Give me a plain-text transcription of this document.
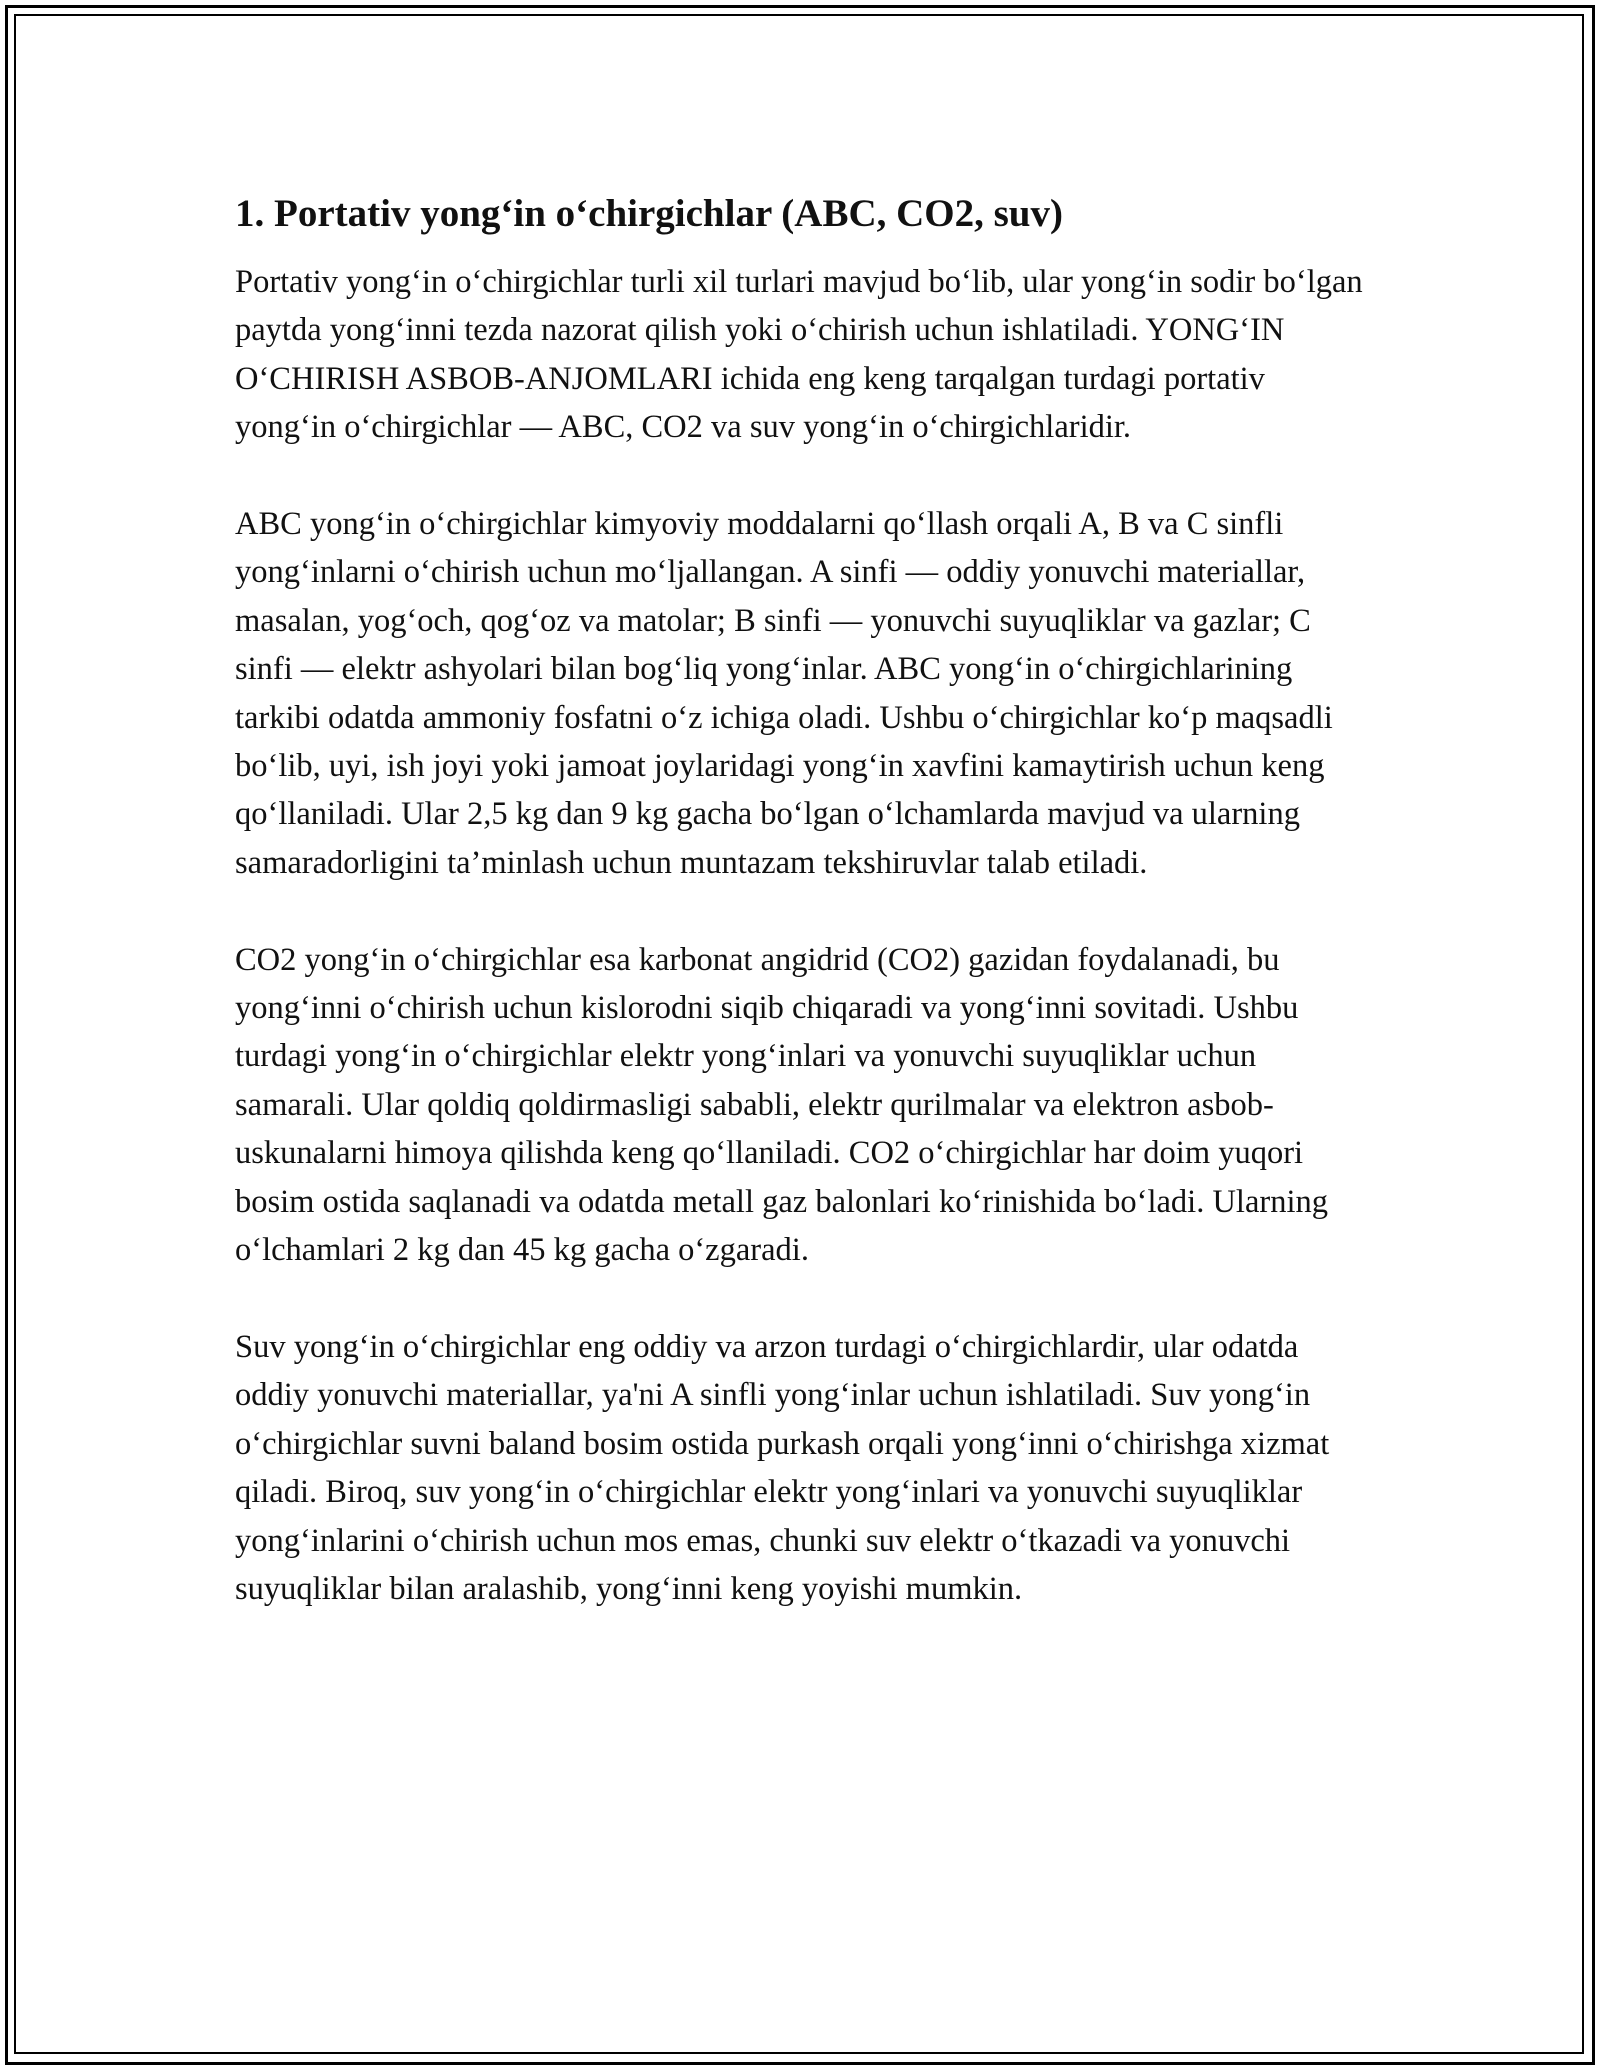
1. Portativ yong‘in o‘chirgichlar (ABC, CO2, suv)

Portativ yong‘in o‘chirgichlar turli xil turlari mavjud bo‘lib, ular yong‘in sodir bo‘lgan paytda yong‘inni tezda nazorat qilish yoki o‘chirish uchun ishlatiladi. YONG‘IN O‘CHIRISH ASBOB-ANJOMLARI ichida eng keng tarqalgan turdagi portativ yong‘in o‘chirgichlar — ABC, CO2 va suv yong‘in o‘chirgichlaridir.

ABC yong‘in o‘chirgichlar kimyoviy moddalarni qo‘llash orqali A, B va C sinfli yong‘inlarni o‘chirish uchun mo‘ljallangan. A sinfi — oddiy yonuvchi materiallar, masalan, yog‘och, qog‘oz va matolar; B sinfi — yonuvchi suyuqliklar va gazlar; C sinfi — elektr ashyolari bilan bog‘liq yong‘inlar. ABC yong‘in o‘chirgichlarining tarkibi odatda ammoniy fosfatni o‘z ichiga oladi. Ushbu o‘chirgichlar ko‘p maqsadli bo‘lib, uyi, ish joyi yoki jamoat joylaridagi yong‘in xavfini kamaytirish uchun keng qo‘llaniladi. Ular 2,5 kg dan 9 kg gacha bo‘lgan o‘lchamlarda mavjud va ularning samaradorligini ta’minlash uchun muntazam tekshiruvlar talab etiladi.

CO2 yong‘in o‘chirgichlar esa karbonat angidrid (CO2) gazidan foydalanadi, bu yong‘inni o‘chirish uchun kislorodni siqib chiqaradi va yong‘inni sovitadi. Ushbu turdagi yong‘in o‘chirgichlar elektr yong‘inlari va yonuvchi suyuqliklar uchun samarali. Ular qoldiq qoldirmasligi sababli, elektr qurilmalar va elektron asbob-uskunalarni himoya qilishda keng qo‘llaniladi. CO2 o‘chirgichlar har doim yuqori bosim ostida saqlanadi va odatda metall gaz balonlari ko‘rinishida bo‘ladi. Ularning o‘lchamlari 2 kg dan 45 kg gacha o‘zgaradi.

Suv yong‘in o‘chirgichlar eng oddiy va arzon turdagi o‘chirgichlardir, ular odatda oddiy yonuvchi materiallar, ya'ni A sinfli yong‘inlar uchun ishlatiladi. Suv yong‘in o‘chirgichlar suvni baland bosim ostida purkash orqali yong‘inni o‘chirishga xizmat qiladi. Biroq, suv yong‘in o‘chirgichlar elektr yong‘inlari va yonuvchi suyuqliklar yong‘inlarini o‘chirish uchun mos emas, chunki suv elektr o‘tkazadi va yonuvchi suyuqliklar bilan aralashib, yong‘inni keng yoyishi mumkin.
